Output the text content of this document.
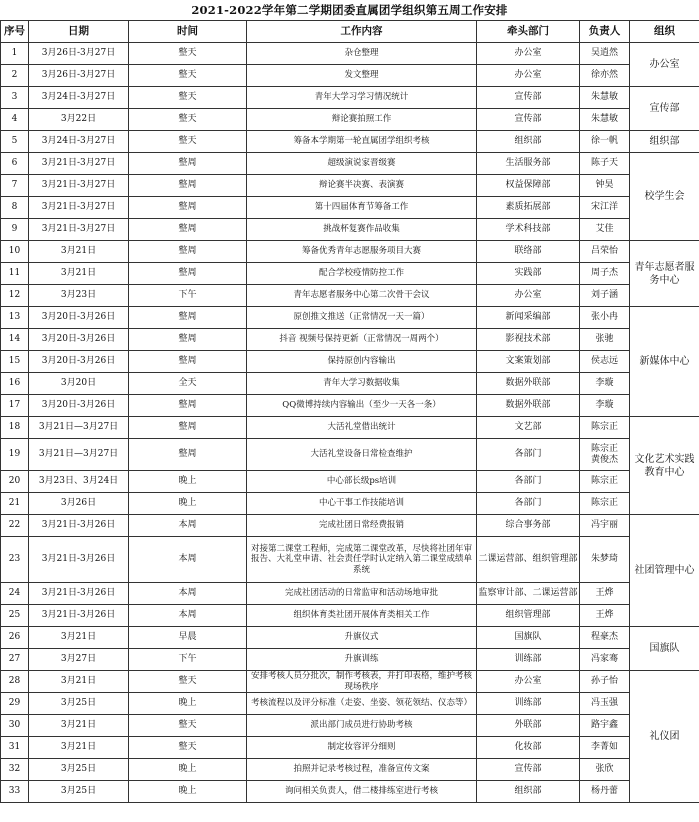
2021-2022学年第二学期团委直属团学组织第五周工作安排
序号	日期	时间	工作内容	牵头部门	负责人	组织
1	3月26日-3月27日	整天	杂仓整理	办公室	吴逍然	办公室
2	3月26日-3月27日	整天	发文整理	办公室	徐亦然	
3	3月24日-3月27日	整天	青年大学习学习情况统计	宣传部	朱慧敏	宣传部
4	3月22日	整天	辩论赛拍照工作	宣传部	朱慧敏	
5	3月24日-3月27日	整天	筹备本学期第一轮直属团学组织考核	组织部	徐一帆	组织部
6	3月21日-3月27日	整周	超级演说家晋级赛	生活服务部	陈子天	校学生会
7	3月21日-3月27日	整周	辩论赛半决赛、表演赛	权益保障部	钟昊	
8	3月21日-3月27日	整周	第十四届体育节筹备工作	素质拓展部	宋江洋	
9	3月21日-3月27日	整周	挑战杯复赛作品收集	学术科技部	艾佳	
10	3月21日	整周	筹备优秀青年志愿服务项目大赛	联络部	吕荣怡	青年志愿者服务中心
11	3月21日	整周	配合学校疫情防控工作	实践部	周子杰	
12	3月23日	下午	青年志愿者服务中心第二次骨干会议	办公室	刘子涵	
13	3月20日-3月26日	整周	原创推文推送（正常情况一天一篇）	新闻采编部	张小冉	新媒体中心
14	3月20日-3月26日	整周	抖音 视频号保持更新（正常情况一周两个）	影视技术部	张驰	
15	3月20日-3月26日	整周	保持原创内容输出	文案策划部	侯志远	
16	3月20日	全天	青年大学习数据收集	数据外联部	李璇	
17	3月20日-3月26日	整周	QQ微博持续内容输出（至少一天各一条）	数据外联部	李璇	
18	3月21日—3月27日	整周	大活礼堂借出统计	文艺部	陈宗正	文化艺术实践教育中心
19	3月21日—3月27日	整周	大活礼堂设备日常检查维护	各部门	陈宗正
黄俊杰	
20	3月23日、3月24日	晚上	中心部长级ps培训	各部门	陈宗正	
21	3月26日	晚上	中心干事工作技能培训	各部门	陈宗正	
22	3月21日-3月26日	本周	完成社团日常经费报销	综合事务部	冯宇丽	社团管理中心
23	3月21日-3月26日	本周	对接第二课堂工程师，完成第二课堂改革，尽快将社团年审报告、大礼堂申请、社会责任学时认定纳入第二课堂成绩单系统	二课运营部、组织管理部	朱梦琦	
24	3月21日-3月26日	本周	完成社团活动的日常监审和活动场地审批	监察审计部、二课运营部	王烨	
25	3月21日-3月26日	本周	组织体育类社团开展体育类相关工作	组织管理部	王烨	
26	3月21日	早晨	升旗仪式	国旗队	程豪杰	国旗队
27	3月27日	下午	升旗训练	训练部	冯家骞	
28	3月21日	整天	安排考核人员分批次，制作考核表，并打印表格，维护考核现场秩序	办公室	孙子怡	礼仪团
29	3月25日	晚上	考核流程以及评分标准（走姿、坐姿、领花领结、仪态等）	训练部	冯玉强	
30	3月21日	整天	派出部门成员进行协助考核	外联部	路宇鑫	
31	3月21日	整天	制定妆容评分细则	化妆部	李菁如	
32	3月25日	晚上	拍照并记录考核过程，准备宣传文案	宣传部	张欣	
33	3月25日	晚上	询问相关负责人，借二楼排练室进行考核	组织部	杨丹蕾	
